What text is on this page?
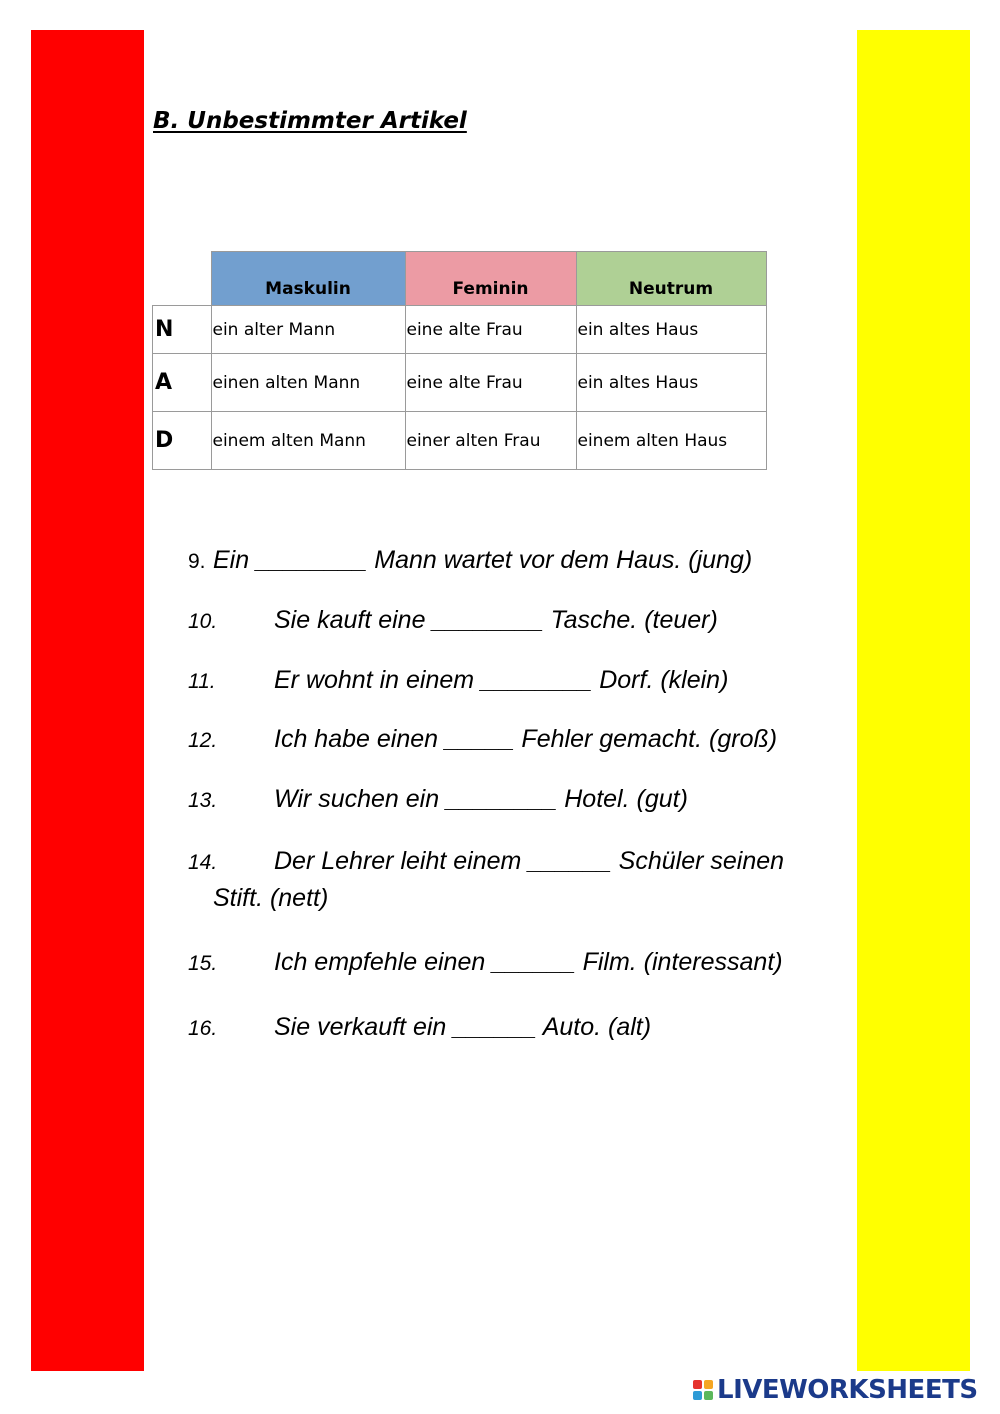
B. Unbestimmter Artikel
	Maskulin	Feminin	Neutrum
N	ein alter Mann	eine alte Frau	ein altes Haus
A	einen alten Mann	eine alte Frau	ein altes Haus
D	einem alten Mann	einer alten Frau	einem alten Haus
9. Ein ________ Mann wartet vor dem Haus. (jung)
10. Sie kauft eine ________ Tasche. (teuer)
11. Er wohnt in einem ________ Dorf. (klein)
12. Ich habe einen _____ Fehler gemacht. (groß)
13. Wir suchen ein ________ Hotel. (gut)
14. Der Lehrer leiht einem ______ Schüler seinen
Stift. (nett)
15. Ich empfehle einen ______ Film. (interessant)
16. Sie verkauft ein ______ Auto. (alt)
LIVEWORKSHEETS
